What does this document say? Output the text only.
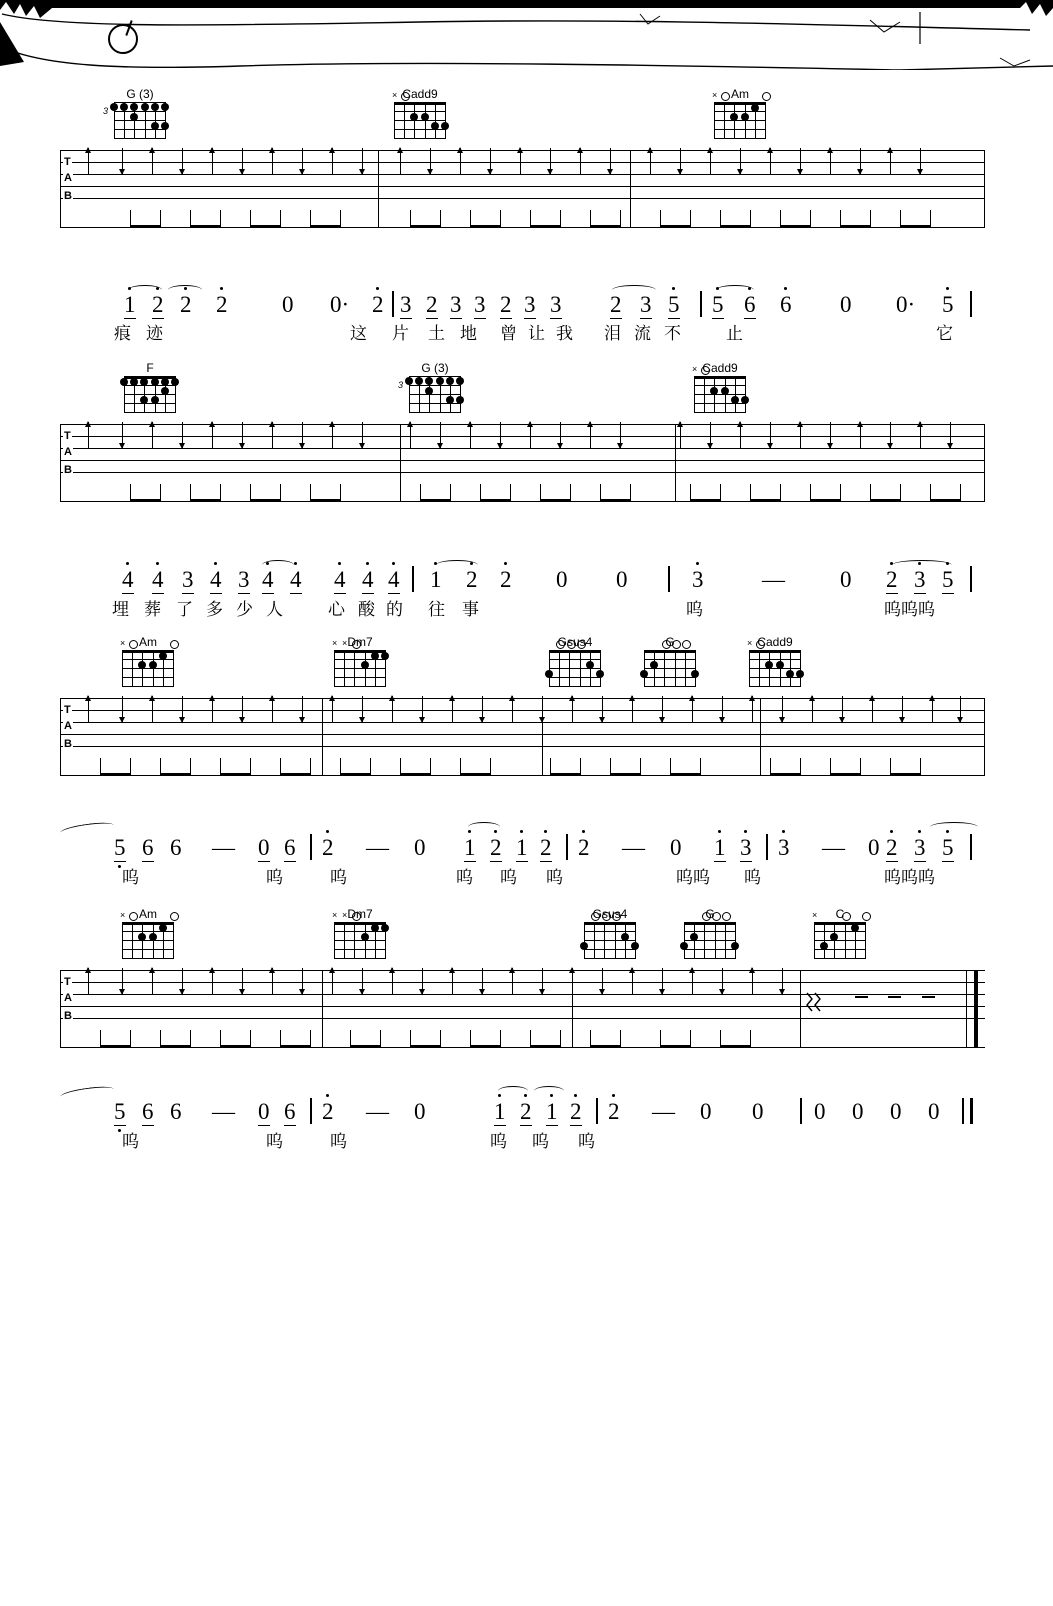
G (3)
3
Cadd9
×	Am
×
T
A
B
1 2 2 2 0 0· 2 3 2 3 3 2 3 3 2 3 5 5 6 6 0 0· 5
痕 迹	这 片 土 地 曾 让 我 泪 流 不	止	它
F	G (3)
3
Cadd9
×
T
A
B
4 4 3 4 3 4 4 4 4 4 1 2 2 0 0	3	— 0 2 3 5
埋 葬 了 多 少 人	心 酸 的 往 事	呜	呜呜呜
Am
×	Dm7
× ×	Gsus4	G	Cadd9
×
T
A
B
5 6 6 — 0 6 2 — 0 1 2 1 2 2 — 0 1 3 3 — 0 2 3 5
呜	呜	呜	呜 呜 呜	呜呜 呜	呜呜呜
Am
×	Dm7
× ×	Gsus4	G	C
×
T
A
B
5 6 6 — 0 6 2 — 0	1 2 1 2 2 — 0 0 0 0 0 0
呜	呜	呜	呜 呜 呜
